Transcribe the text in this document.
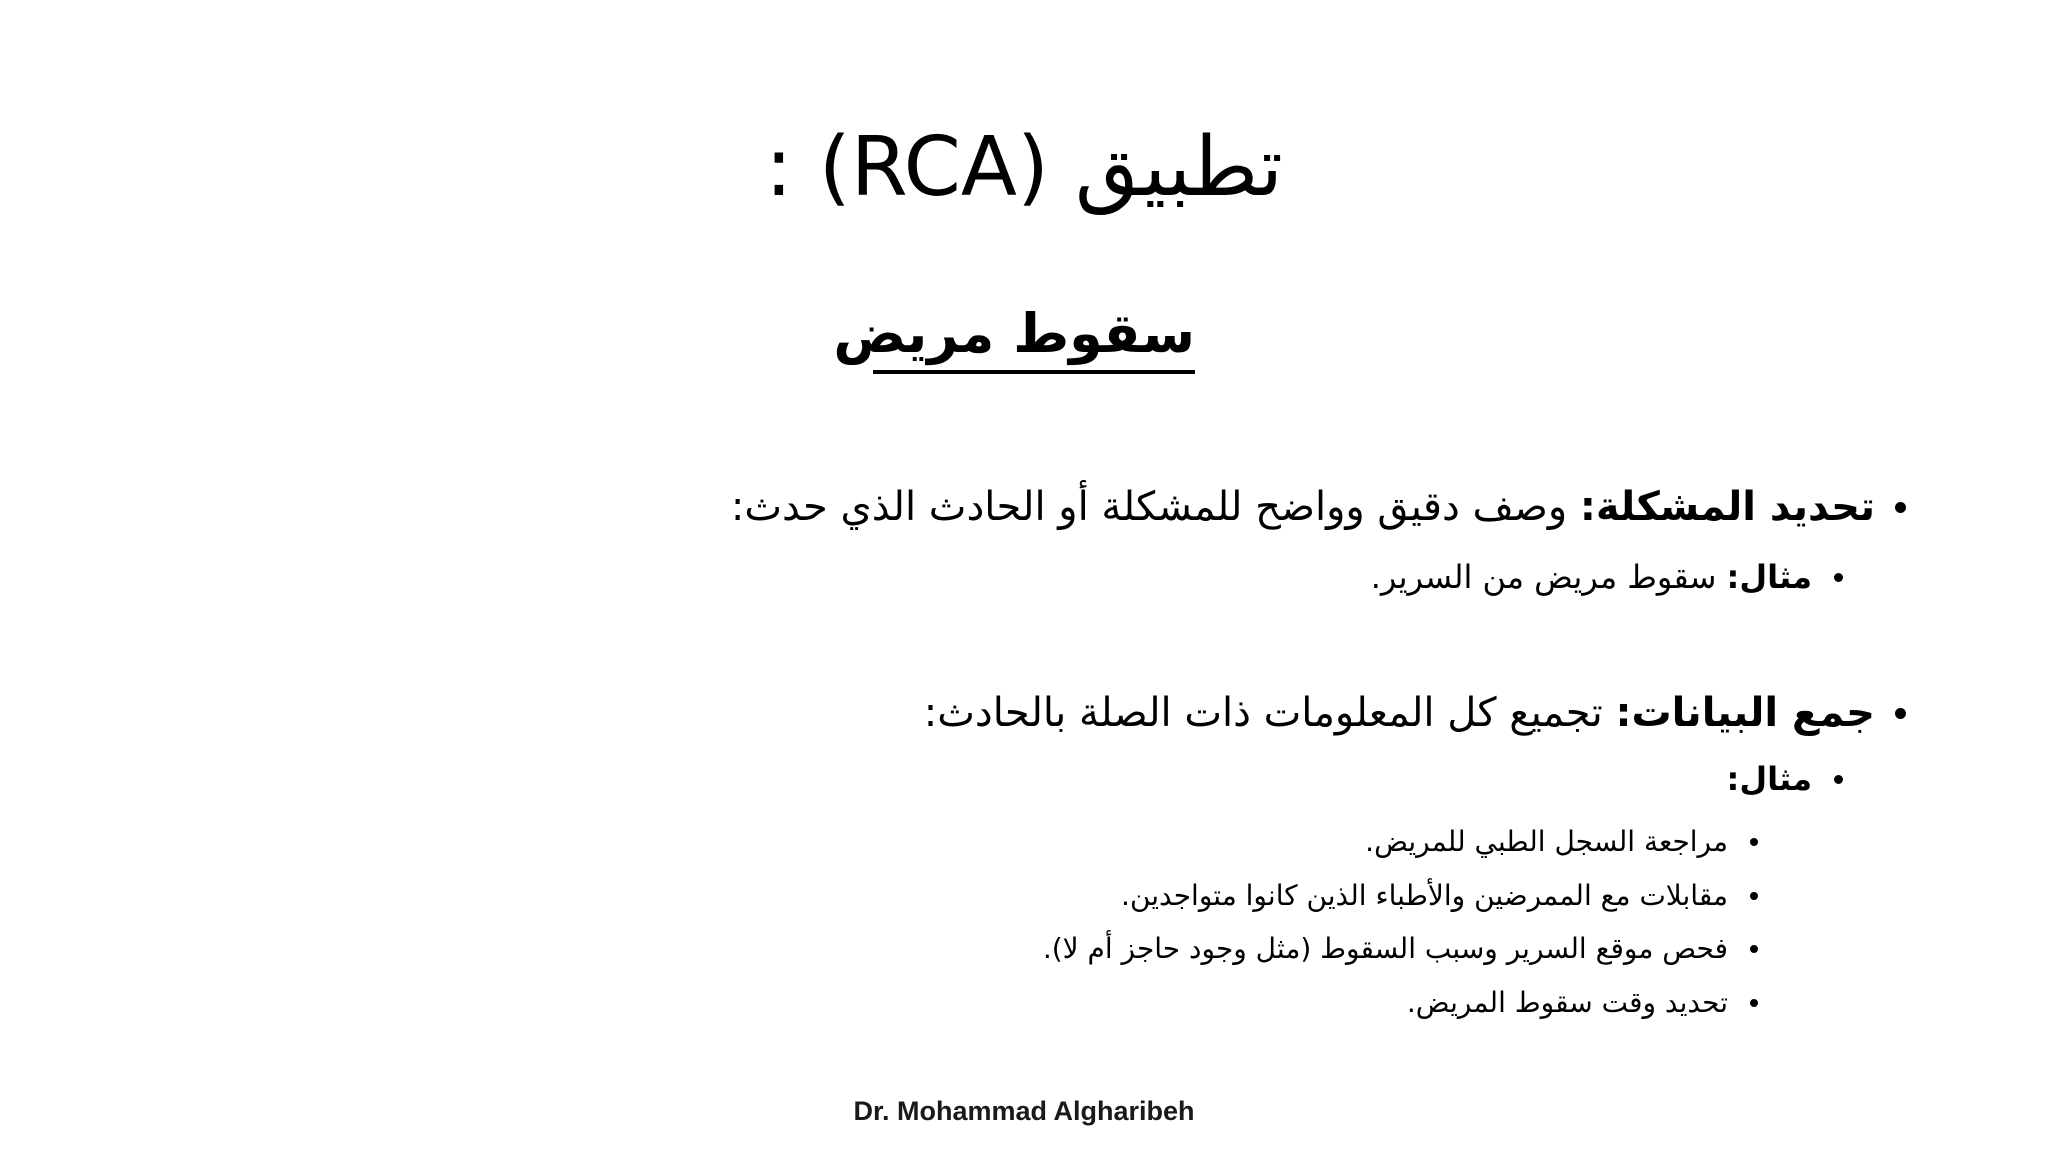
تطبيق (RCA) :
سقوط مريض
تحديد المشكلة:
وصف دقيق وواضح للمشكلة أو الحادث الذي حدث:
مثال:
سقوط مريض من السرير.
جمع البيانات:
تجميع كل المعلومات ذات الصلة بالحادث:
مثال:
مراجعة السجل الطبي للمريض.
مقابلات مع الممرضين والأطباء الذين كانوا متواجدين.
فحص موقع السرير وسبب السقوط (مثل وجود حاجز أم لا).
تحديد وقت سقوط المريض.
Dr. Mohammad Algharibeh
